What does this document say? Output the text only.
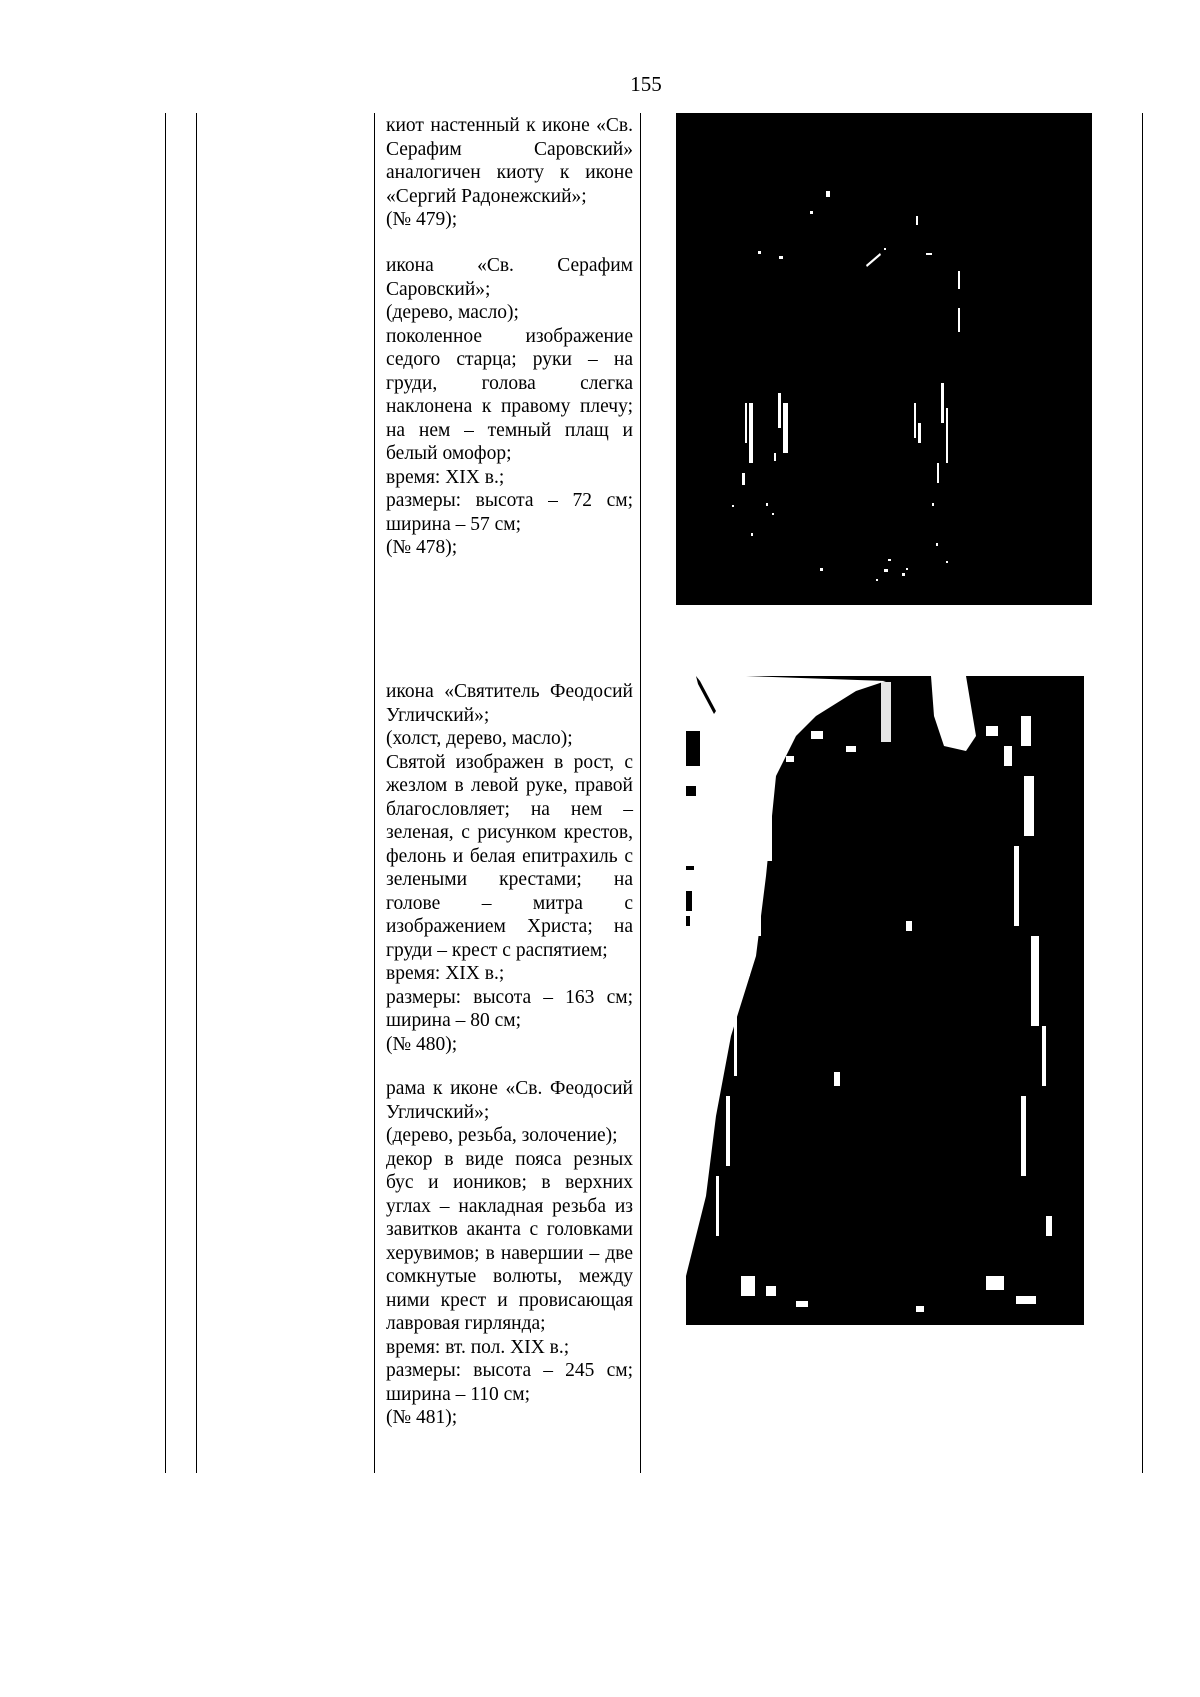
155

киот настенный к иконе «Св. Серафим Саровский» аналогичен киоту к иконе «Сергий Радонежский»;

(№ 479);

икона «Св. Серафим Саровский»;

(дерево, масло);

поколенное изображение седого старца; руки – на груди, голова слегка наклонена к правому плечу; на нем – темный плащ и белый омофор;

время: XIX в.;

размеры: высота – 72 см; ширина – 57 см;

(№ 478);

икона «Святитель Феодосий Угличский»;

(холст, дерево, масло);

Святой изображен в рост, с жезлом в левой руке, правой благословляет; на нем – зеленая, с рисунком крестов, фелонь и белая епитрахиль с зелеными крестами; на голове – митра с изображением Христа; на груди – крест с распятием;

время: XIX в.;

размеры: высота – 163 см; ширина – 80 см;

(№ 480);

рама к иконе «Св. Феодосий Угличский»;

(дерево, резьба, золочение);

декор в виде пояса резных бус и иоников; в верхних углах – накладная резьба из завитков аканта с головками херувимов; в навершии – две сомкнутые волюты, между ними крест и провисающая лавровая гирлянда;

время: вт. пол. XIX в.;

размеры: высота – 245 см; ширина – 110 см;

(№ 481);
